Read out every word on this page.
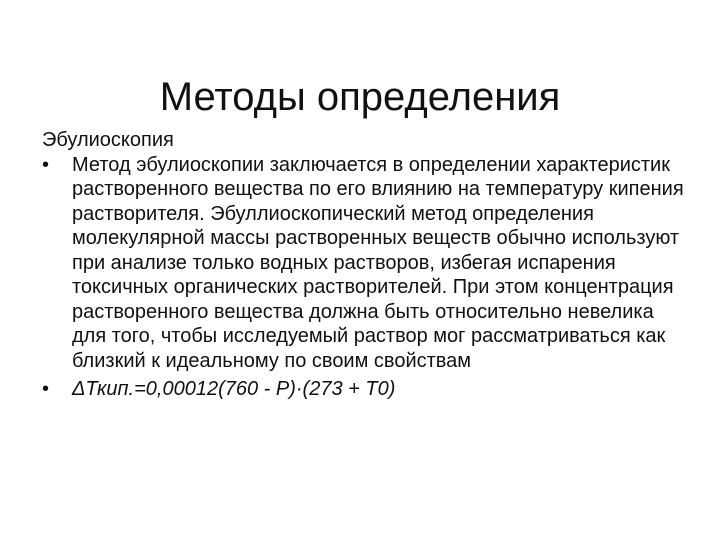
Методы определения

Эбулиоскопия

•	Метод эбулиоскопии заключается в определении характеристик растворенного вещества по его влиянию на температуру кипения растворителя. Эбуллиоскопический метод определения молекулярной массы растворенных веществ обычно используют при анализе только водных растворов, избегая испарения токсичных органических растворителей. При этом концентрация растворенного вещества должна быть относительно невелика для того, чтобы исследуемый раствор мог рассматриваться как близкий к идеальному по своим свойствам
•	ΔТкип.=0,00012(760 - Р)·(273 + Т0)
